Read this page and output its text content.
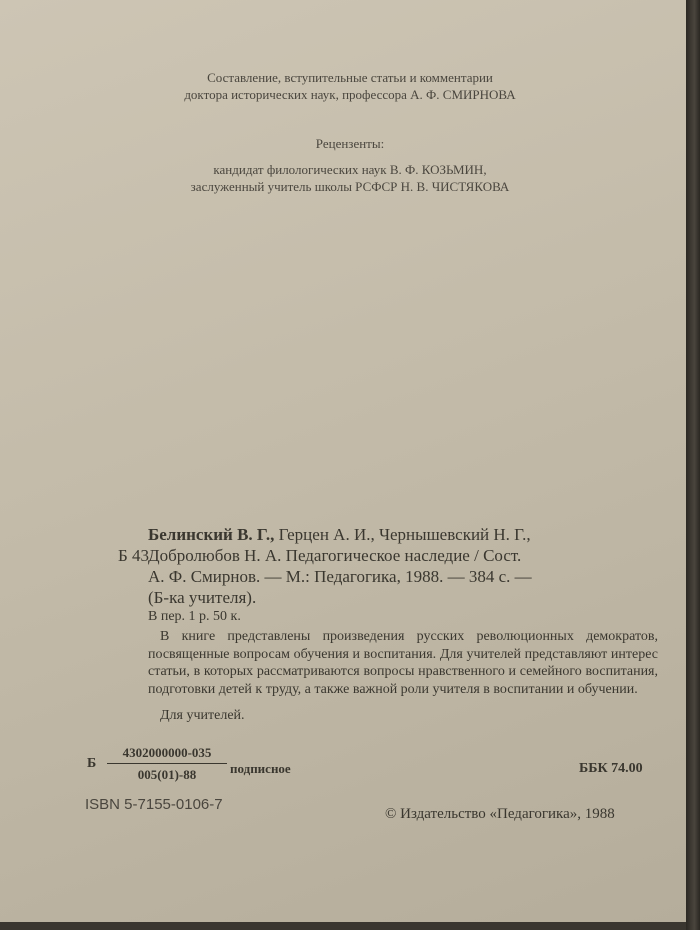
Составление, вступительные статьи и комментарии
доктора исторических наук, профессора А. Ф. СМИРНОВА
Рецензенты:
кандидат филологических наук В. Ф. КОЗЬМИН,
заслуженный учитель школы РСФСР Н. В. ЧИСТЯКОВА
Белинский В. Г., Герцен А. И., Чернышевский Н. Г.,
Б 43
Добролюбов Н. А. Педагогическое наследие / Сост.
А. Ф. Смирнов. — М.: Педагогика, 1988. — 384 с. —
(Б-ка учителя).
В пер. 1 р. 50 к.

В книге представлены произведения русских революционных демократов, посвященные вопросам обучения и воспитания. Для учителей представляют интерес статьи, в которых рассматриваются вопросы нравственного и семейного воспитания, подготовки детей к труду, а также важной роли учителя в воспитании и обучении.

Для учителей.
Б $\frac{4302000000-035}{005(01)-88}$ подписное	ББК 74.00
ISBN 5-7155-0106-7
© Издательство «Педагогика», 1988
